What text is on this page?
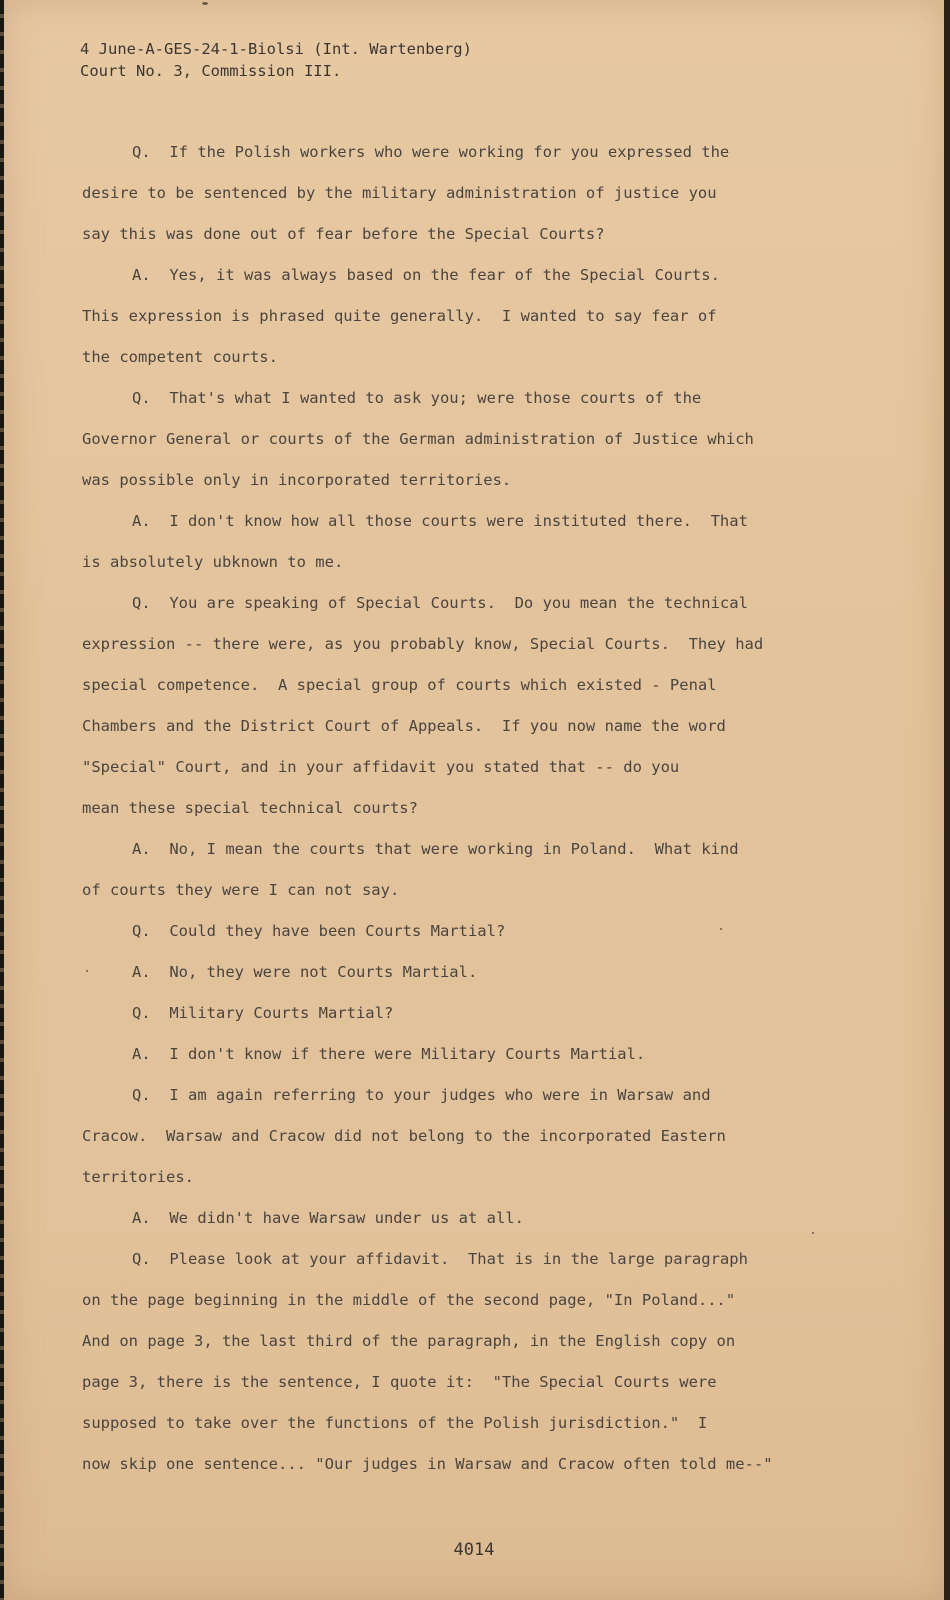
4 June-A-GES-24-1-Biolsi (Int. Wartenberg)
Court No. 3, Commission III.
Q.  If the Polish workers who were working for you expressed the
desire to be sentenced by the military administration of justice you
say this was done out of fear before the Special Courts?
A.  Yes, it was always based on the fear of the Special Courts.
This expression is phrased quite generally.  I wanted to say fear of
the competent courts.
Q.  That's what I wanted to ask you; were those courts of the
Governor General or courts of the German administration of Justice which
was possible only in incorporated territories.
A.  I don't know how all those courts were instituted there.  That
is absolutely ubknown to me.
Q.  You are speaking of Special Courts.  Do you mean the technical
expression -- there were, as you probably know, Special Courts.  They had
special competence.  A special group of courts which existed - Penal
Chambers and the District Court of Appeals.  If you now name the word
"Special" Court, and in your affidavit you stated that -- do you
mean these special technical courts?
A.  No, I mean the courts that were working in Poland.  What kind
of courts they were I can not say.
Q.  Could they have been Courts Martial?
A.  No, they were not Courts Martial.
Q.  Military Courts Martial?
A.  I don't know if there were Military Courts Martial.
Q.  I am again referring to your judges who were in Warsaw and
Cracow.  Warsaw and Cracow did not belong to the incorporated Eastern
territories.
A.  We didn't have Warsaw under us at all.
Q.  Please look at your affidavit.  That is in the large paragraph
on the page beginning in the middle of the second page, "In Poland..."
And on page 3, the last third of the paragraph, in the English copy on
page 3, there is the sentence, I quote it:  "The Special Courts were
supposed to take over the functions of the Polish jurisdiction."  I
now skip one sentence... "Our judges in Warsaw and Cracow often told me--"
4014
